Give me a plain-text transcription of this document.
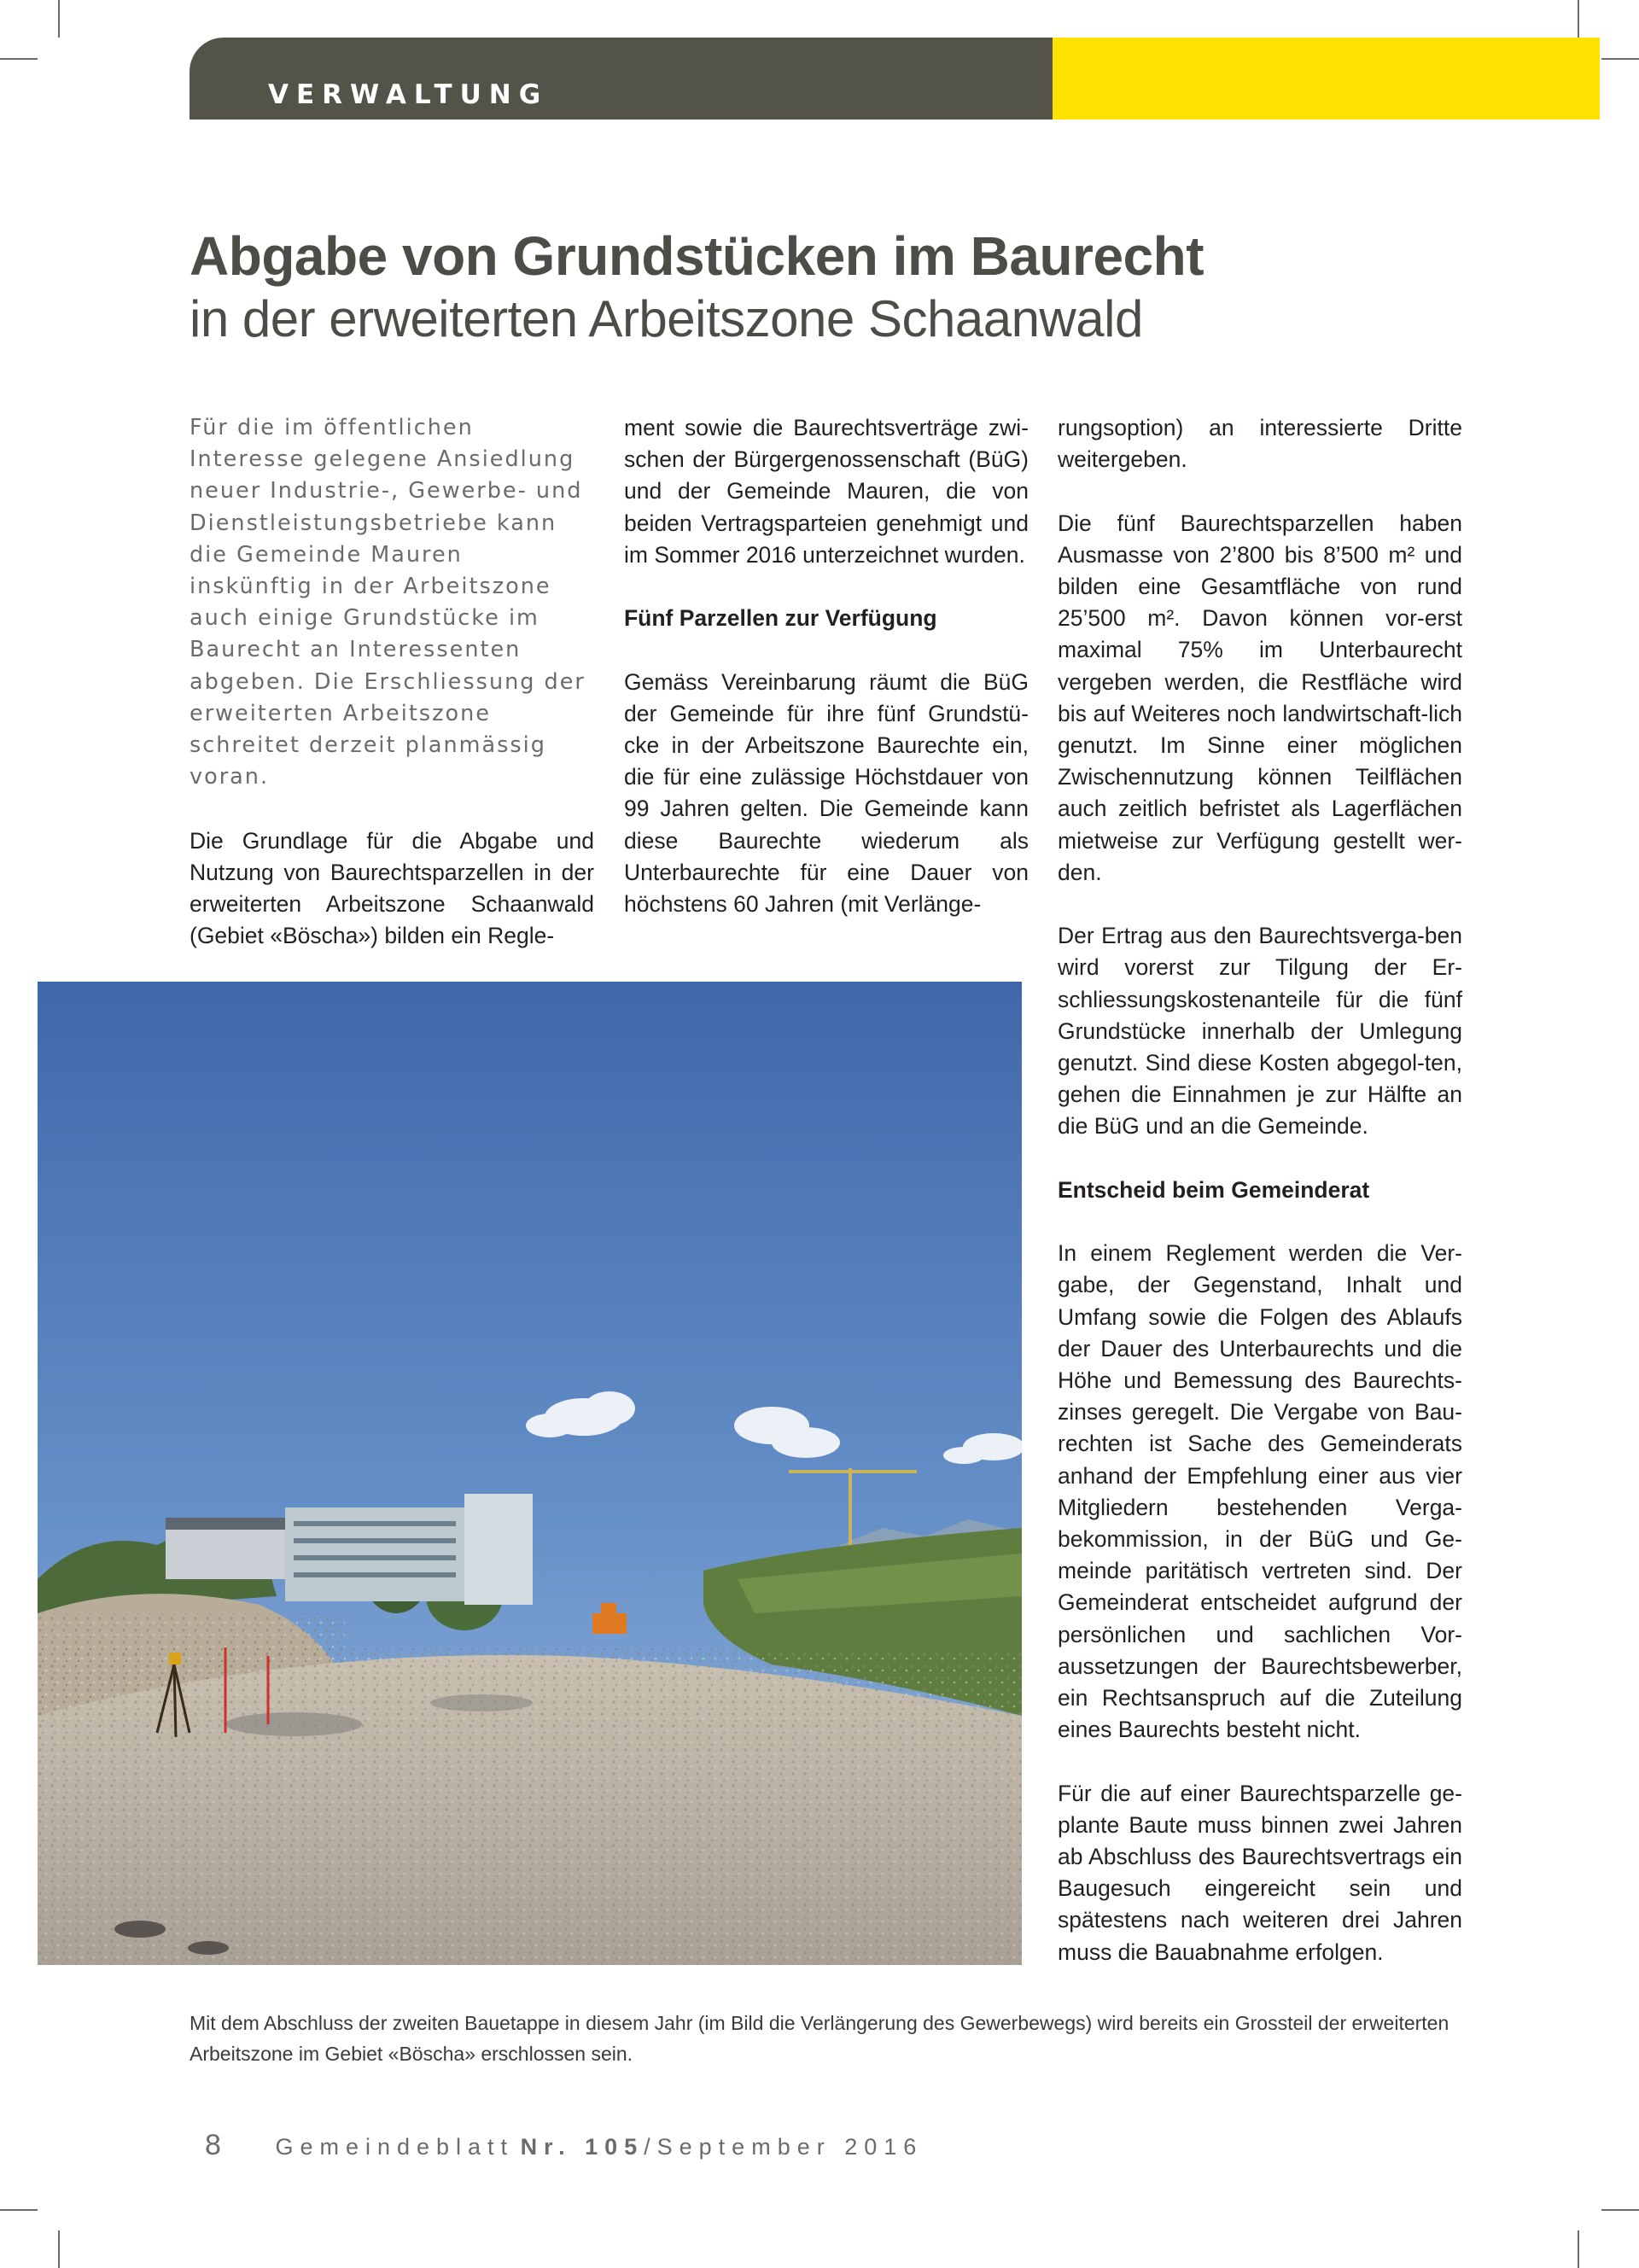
VERWALTUNG
Abgabe von Grundstücken im Baurecht
in der erweiterten Arbeitszone Schaanwald

Für die im öffentlichen Interesse gelegene Ansiedlung neuer Industrie-, Gewerbe- und Dienstleistungsbetriebe kann die Gemeinde Mauren inskünftig in der Arbeitszone auch einige Grundstücke im Baurecht an Interessenten abgeben. Die Erschliessung der erweiterten Arbeitszone schreitet derzeit planmässig voran.

Die Grundlage für die Abgabe und Nutzung von Baurechtsparzellen in der erweiterten Arbeitszone Schaanwald (Gebiet «Böscha») bilden ein Regle-

ment sowie die Baurechtsverträge zwi-schen der Bürgergenossenschaft (BüG) und der Gemeinde Mauren, die von beiden Vertragsparteien genehmigt und im Sommer 2016 unterzeichnet wurden.

Fünf Parzellen zur Verfügung

Gemäss Vereinbarung räumt die BüG der Gemeinde für ihre fünf Grundstü-cke in der Arbeitszone Baurechte ein, die für eine zulässige Höchstdauer von 99 Jahren gelten. Die Gemeinde kann diese Baurechte wiederum als Unterbaurechte für eine Dauer von höchstens 60 Jahren (mit Verlänge-

rungsoption) an interessierte Dritte weitergeben.

Die fünf Baurechtsparzellen haben Ausmasse von 2’800 bis 8’500 m² und bilden eine Gesamtfläche von rund 25’500 m². Davon können vor-erst maximal 75% im Unterbaurecht vergeben werden, die Restfläche wird bis auf Weiteres noch landwirtschaft-lich genutzt. Im Sinne einer möglichen Zwischennutzung können Teilflächen auch zeitlich befristet als Lagerflächen mietweise zur Verfügung gestellt wer-den.

Der Ertrag aus den Baurechtsverga-ben wird vorerst zur Tilgung der Er-schliessungskostenanteile für die fünf Grundstücke innerhalb der Umlegung genutzt. Sind diese Kosten abgegol-ten, gehen die Einnahmen je zur Hälfte an die BüG und an die Gemeinde.

Entscheid beim Gemeinderat

In einem Reglement werden die Ver-gabe, der Gegenstand, Inhalt und Umfang sowie die Folgen des Ablaufs der Dauer des Unterbaurechts und die Höhe und Bemessung des Baurechts-zinses geregelt. Die Vergabe von Bau-rechten ist Sache des Gemeinderats anhand der Empfehlung einer aus vier Mitgliedern bestehenden Verga-bekommission, in der BüG und Ge-meinde paritätisch vertreten sind. Der Gemeinderat entscheidet aufgrund der persönlichen und sachlichen Vor-aussetzungen der Baurechtsbewerber, ein Rechtsanspruch auf die Zuteilung eines Baurechts besteht nicht.

Für die auf einer Baurechtsparzelle ge-plante Baute muss binnen zwei Jahren ab Abschluss des Baurechtsvertrags ein Baugesuch eingereicht sein und spätestens nach weiteren drei Jahren muss die Bauabnahme erfolgen.

Mit dem Abschluss der zweiten Bauetappe in diesem Jahr (im Bild die Verlängerung des Gewerbewegs) wird bereits ein Grossteil der erweiterten Arbeitszone im Gebiet «Böscha» erschlossen sein.
8 Gemeindeblatt Nr. 105/September 2016
